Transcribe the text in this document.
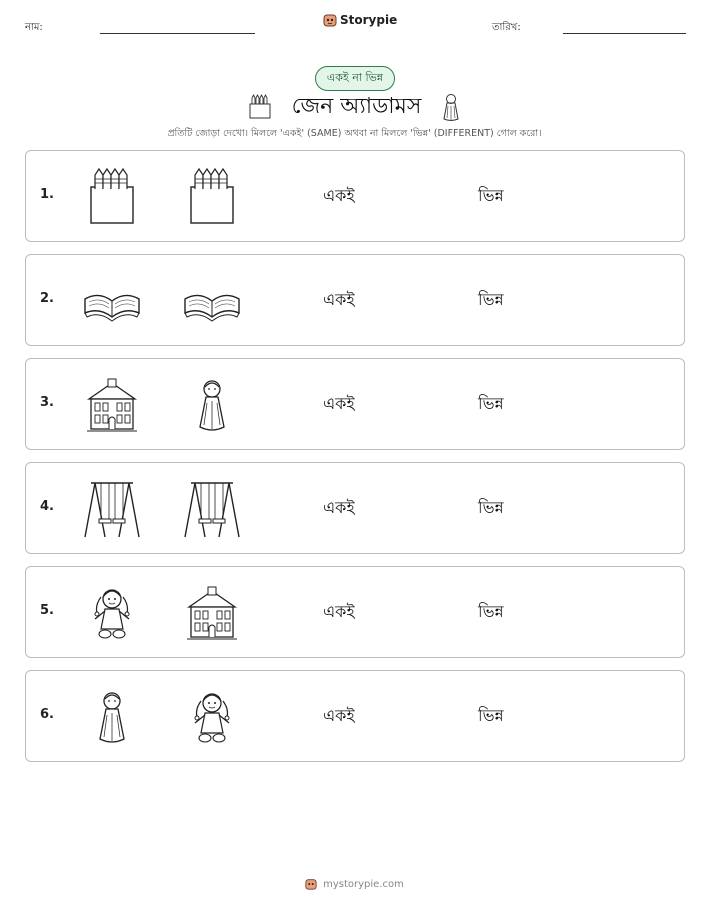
নাম:
Storypie
তারিখ:
একই না ভিন্ন
জেন অ্যাডামস
প্রতিটি জোড়া দেখো। মিললে 'একই' (SAME) অথবা না মিললে 'ভিন্ন' (DIFFERENT) গোল করো।
1.	একই	ভিন্ন
2.	একই	ভিন্ন
3.	একই	ভিন্ন
4.	একই	ভিন্ন
5.	একই	ভিন্ন
6.	একই	ভিন্ন
mystorypie.com
